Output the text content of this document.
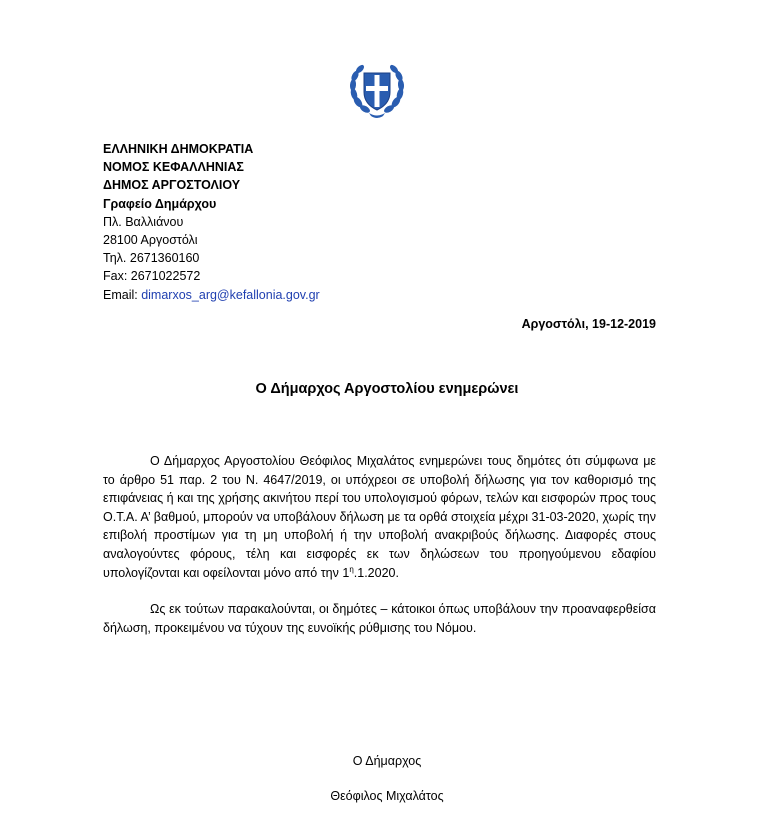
ΕΛΛΗΝΙΚΗ ΔΗΜΟΚΡΑΤΙΑ
ΝΟΜΟΣ ΚΕΦΑΛΛΗΝΙΑΣ
ΔΗΜΟΣ ΑΡΓΟΣΤΟΛΙΟΥ
Γραφείο Δημάρχου
Πλ. Βαλλιάνου
28100 Αργοστόλι
Τηλ. 2671360160
Fax: 2671022572
Email: dimarxos_arg@kefallonia.gov.gr
Αργοστόλι, 19-12-2019
Ο Δήμαρχος Αργοστολίου ενημερώνει

Ο Δήμαρχος Αργοστολίου Θεόφιλος Μιχαλάτος ενημερώνει τους δημότες ότι σύμφωνα με το άρθρο 51 παρ. 2 του Ν. 4647/2019, οι υπόχρεοι σε υποβολή δήλωσης για τον καθορισμό της επιφάνειας ή και της χρήσης ακινήτου περί του υπολογισμού φόρων, τελών και εισφορών προς τους Ο.Τ.Α. Α’ βαθμού, μπορούν να υποβάλουν δήλωση με τα ορθά στοιχεία μέχρι 31-03-2020, χωρίς την επιβολή προστίμων για τη μη υποβολή ή την υποβολή ανακριβούς δήλωσης. Διαφορές στους αναλογούντες φόρους, τέλη και εισφορές εκ των δηλώσεων του προηγούμενου εδαφίου υπολογίζονται και οφείλονται μόνο από την $1^\eta.1.2020$.

Ως εκ τούτων παρακαλούνται, οι δημότες – κάτοικοι όπως υποβάλουν την προαναφερθείσα δήλωση, προκειμένου να τύχουν της ευνοϊκής ρύθμισης του Νόμου.

Ο Δήμαρχος
Θεόφιλος Μιχαλάτος
